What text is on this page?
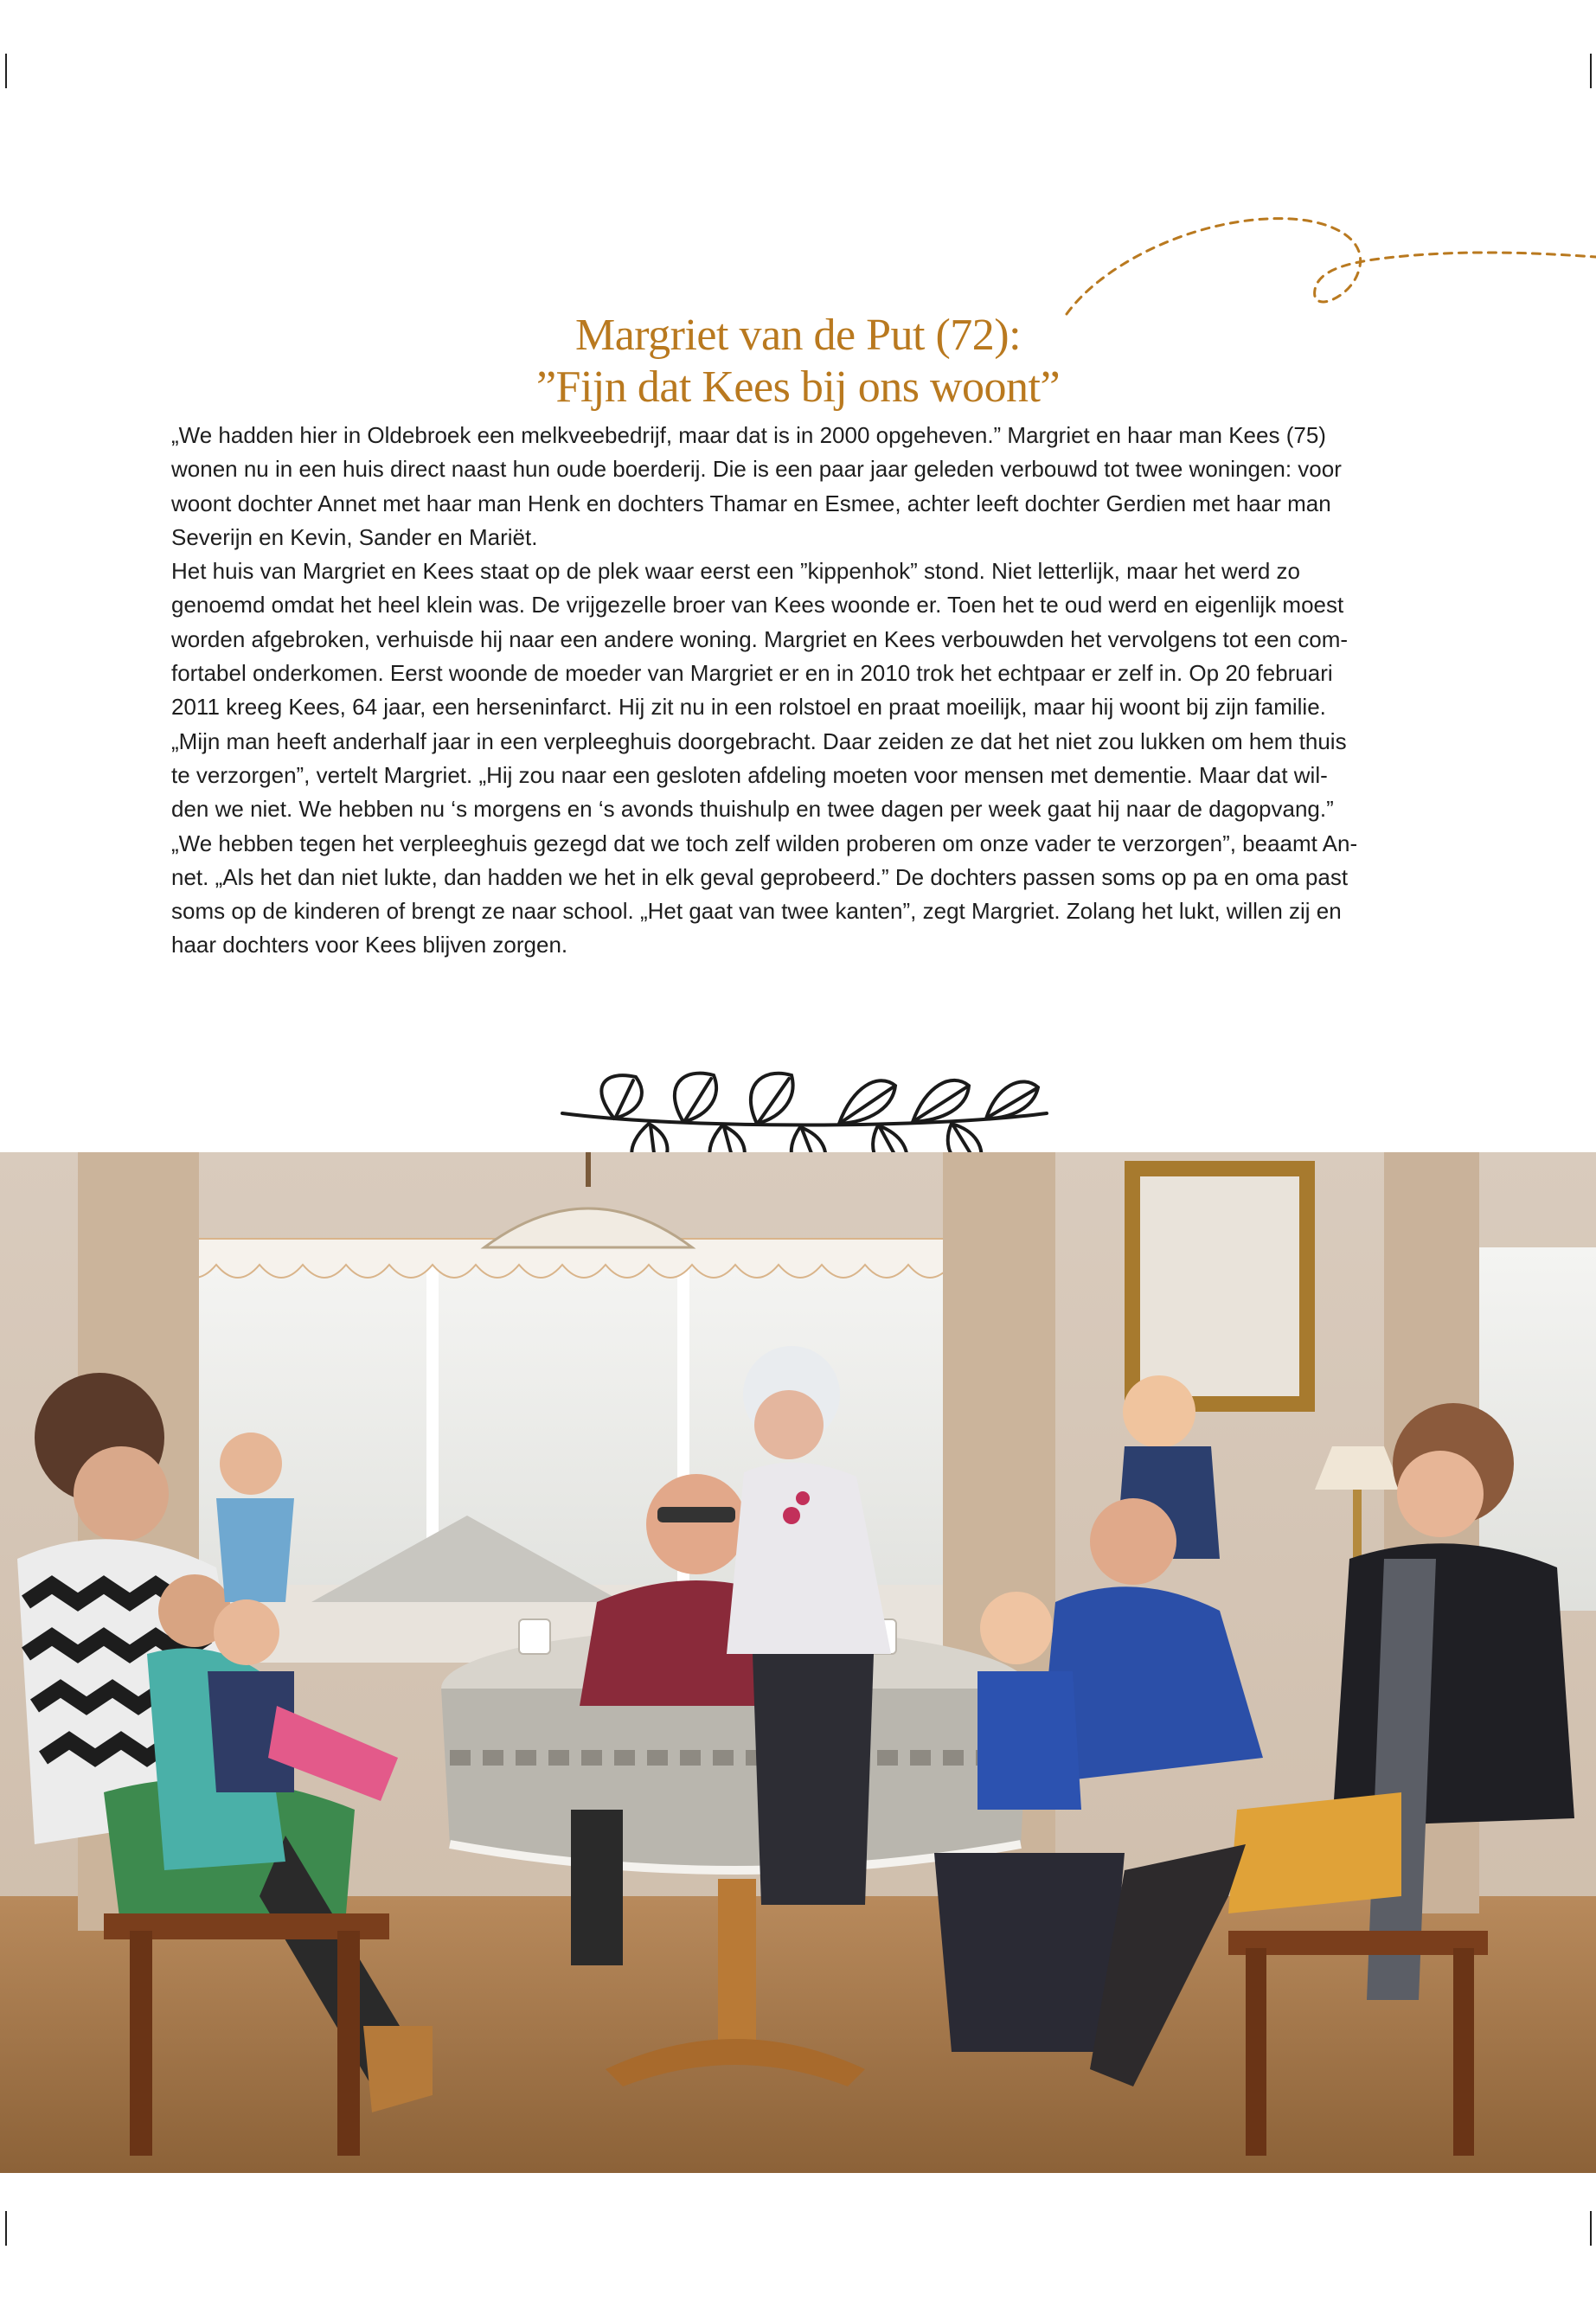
Margriet van de Put (72):
”Fijn dat Kees bij ons woont”
„We hadden hier in Oldebroek een melkveebedrijf, maar dat is in 2000 opgeheven.” Margriet en haar man Kees (75)
wonen nu in een huis direct naast hun oude boerderij. Die is een paar jaar geleden verbouwd tot twee woningen: voor
woont dochter Annet met haar man Henk en dochters Thamar en Esmee, achter leeft dochter Gerdien met haar man
Severijn en Kevin, Sander en Mariët.
Het huis van Margriet en Kees staat op de plek waar eerst een ”kippenhok” stond. Niet letterlijk, maar het werd zo
genoemd omdat het heel klein was. De vrijgezelle broer van Kees woonde er. Toen het te oud werd en eigenlijk moest
worden afgebroken, verhuisde hij naar een andere woning. Margriet en Kees verbouwden het vervolgens tot een com-
fortabel onderkomen. Eerst woonde de moeder van Margriet er en in 2010 trok het echtpaar er zelf in. Op 20 februari
2011 kreeg Kees, 64 jaar, een herseninfarct. Hij zit nu in een rolstoel en praat moeilijk, maar hij woont bij zijn familie.
„Mijn man heeft anderhalf jaar in een verpleeghuis doorgebracht. Daar zeiden ze dat het niet zou lukken om hem thuis
te verzorgen”, vertelt Margriet. „Hij zou naar een gesloten afdeling moeten voor mensen met dementie. Maar dat wil-
den we niet. We hebben nu ‘s morgens en ‘s avonds thuishulp en twee dagen per week gaat hij naar de dagopvang.”
„We hebben tegen het verpleeghuis gezegd dat we toch zelf wilden proberen om onze vader te verzorgen”, beaamt An-
net. „Als het dan niet lukte, dan hadden we het in elk geval geprobeerd.” De dochters passen soms op pa en oma past
soms op de kinderen of brengt ze naar school. „Het gaat van twee kanten”, zegt Margriet. Zolang het lukt, willen zij en
haar dochters voor Kees blijven zorgen.
